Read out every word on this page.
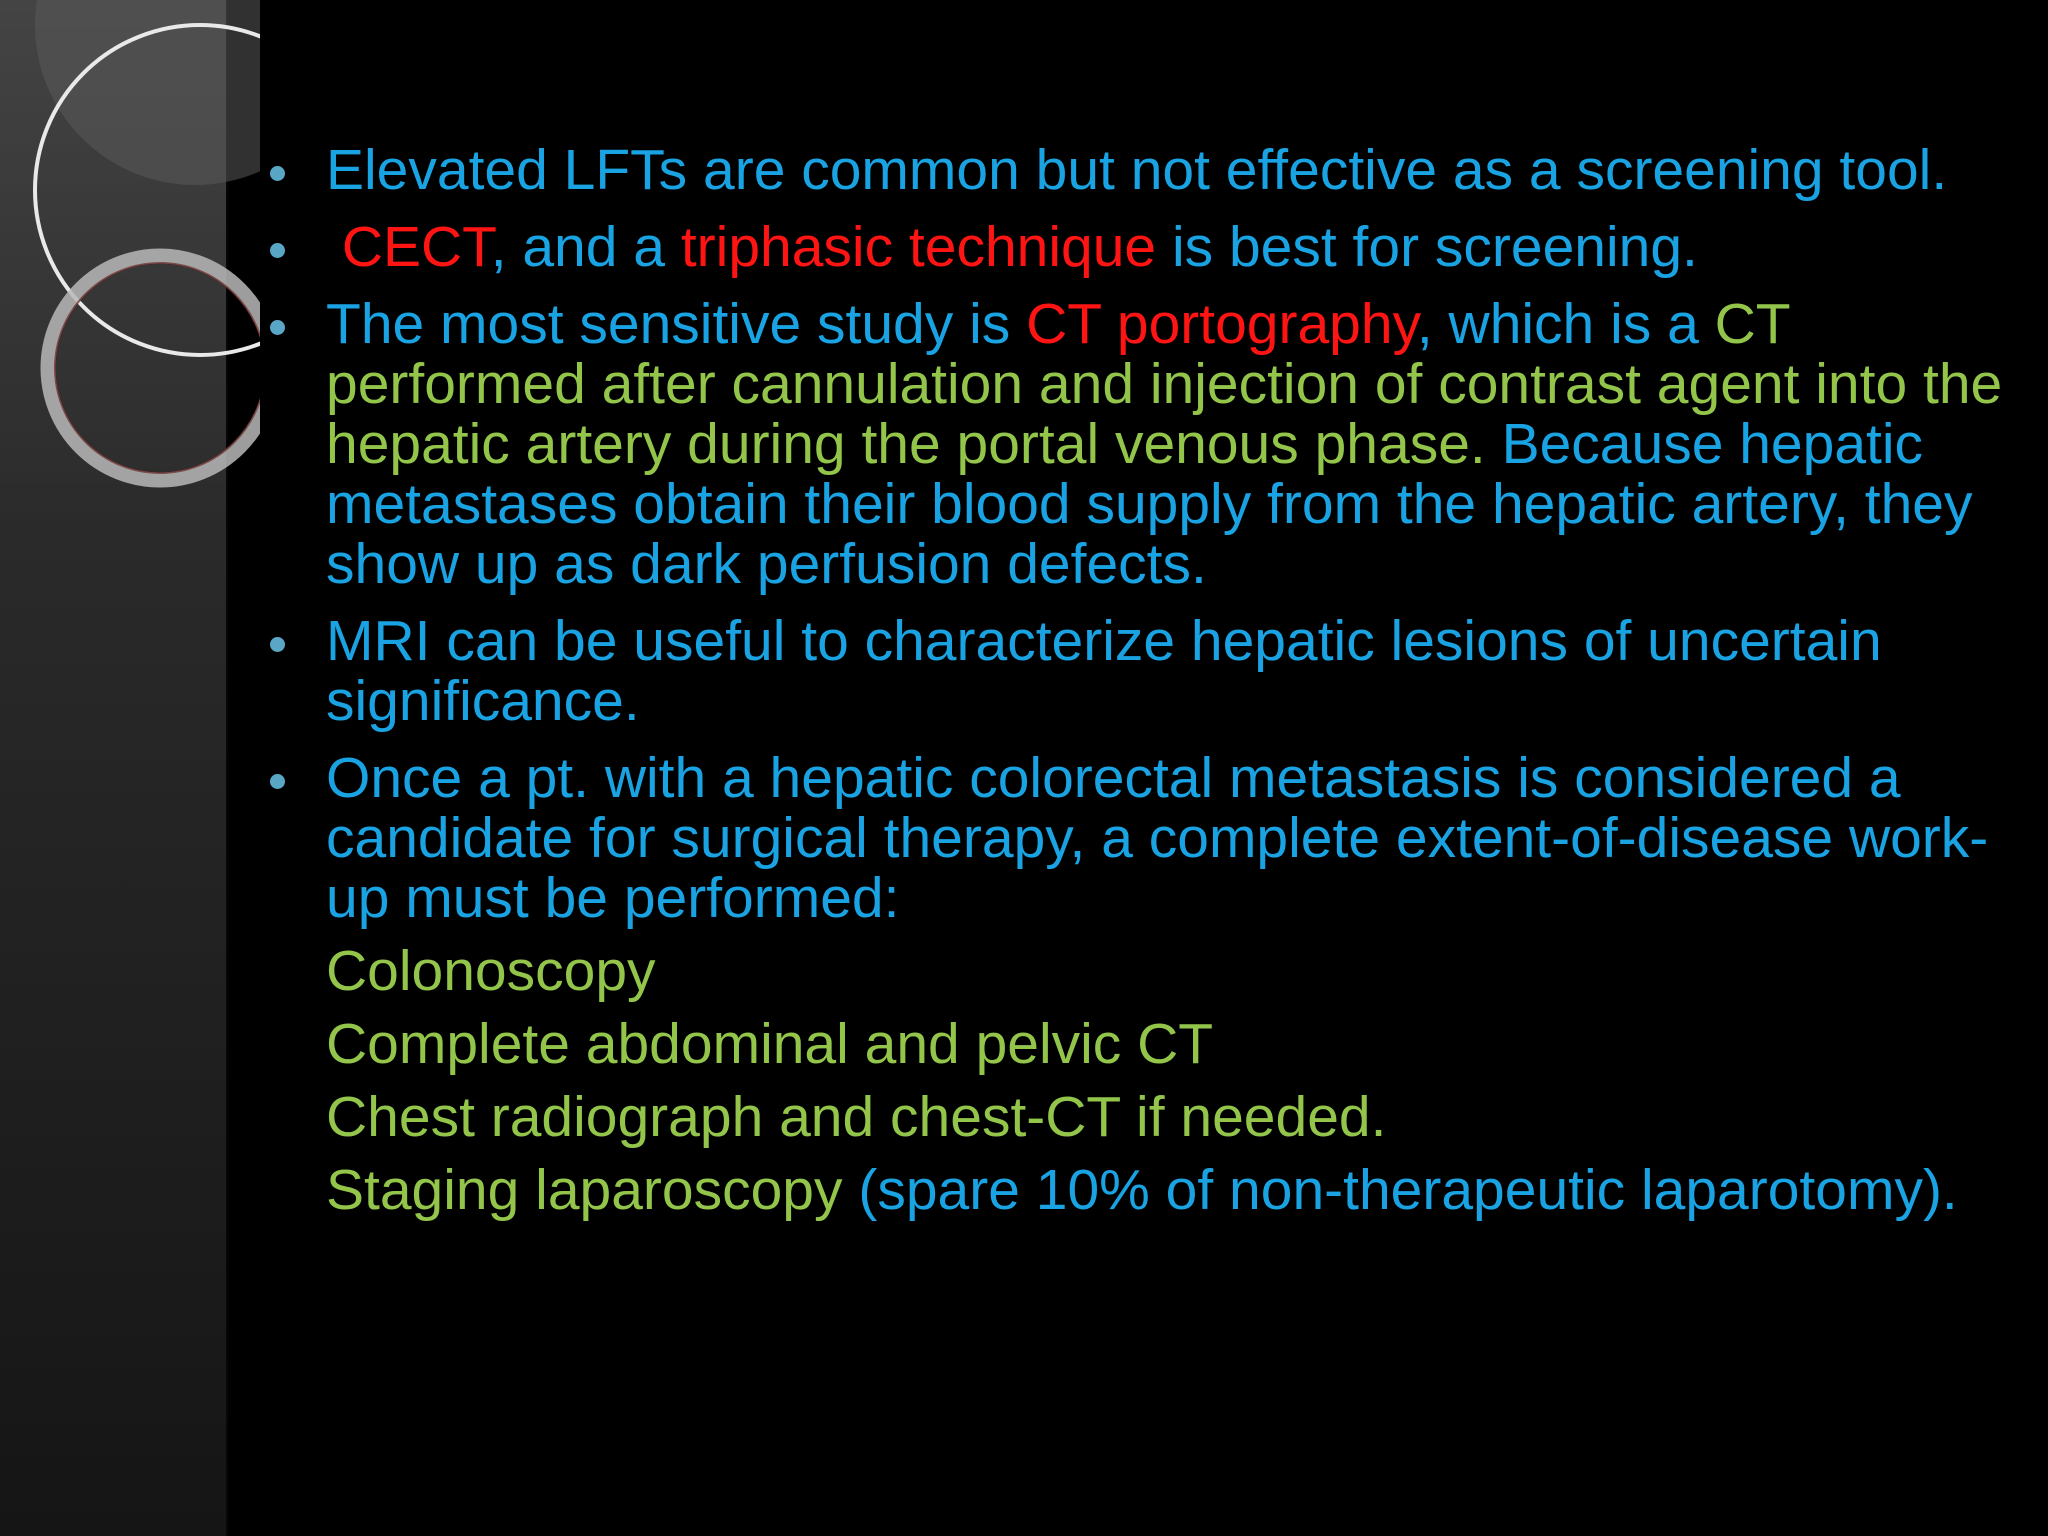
Elevated LFTs are common but not effective as a screening tool.
CECT, and a triphasic technique is best for screening.
The most sensitive study is CT portography, which is a CT performed after cannulation and injection of contrast agent into the hepatic artery during the portal venous phase. Because hepatic metastases obtain their blood supply from the hepatic artery, they show up as dark perfusion defects.
MRI can be useful to characterize hepatic lesions of uncertain significance.
Once a pt. with a hepatic colorectal metastasis is considered a candidate for surgical therapy, a complete extent-of-disease work-up must be performed:
Colonoscopy
Complete abdominal and pelvic CT
Chest radiograph and chest-CT if needed.
Staging laparoscopy (spare 10% of non-therapeutic laparotomy).
